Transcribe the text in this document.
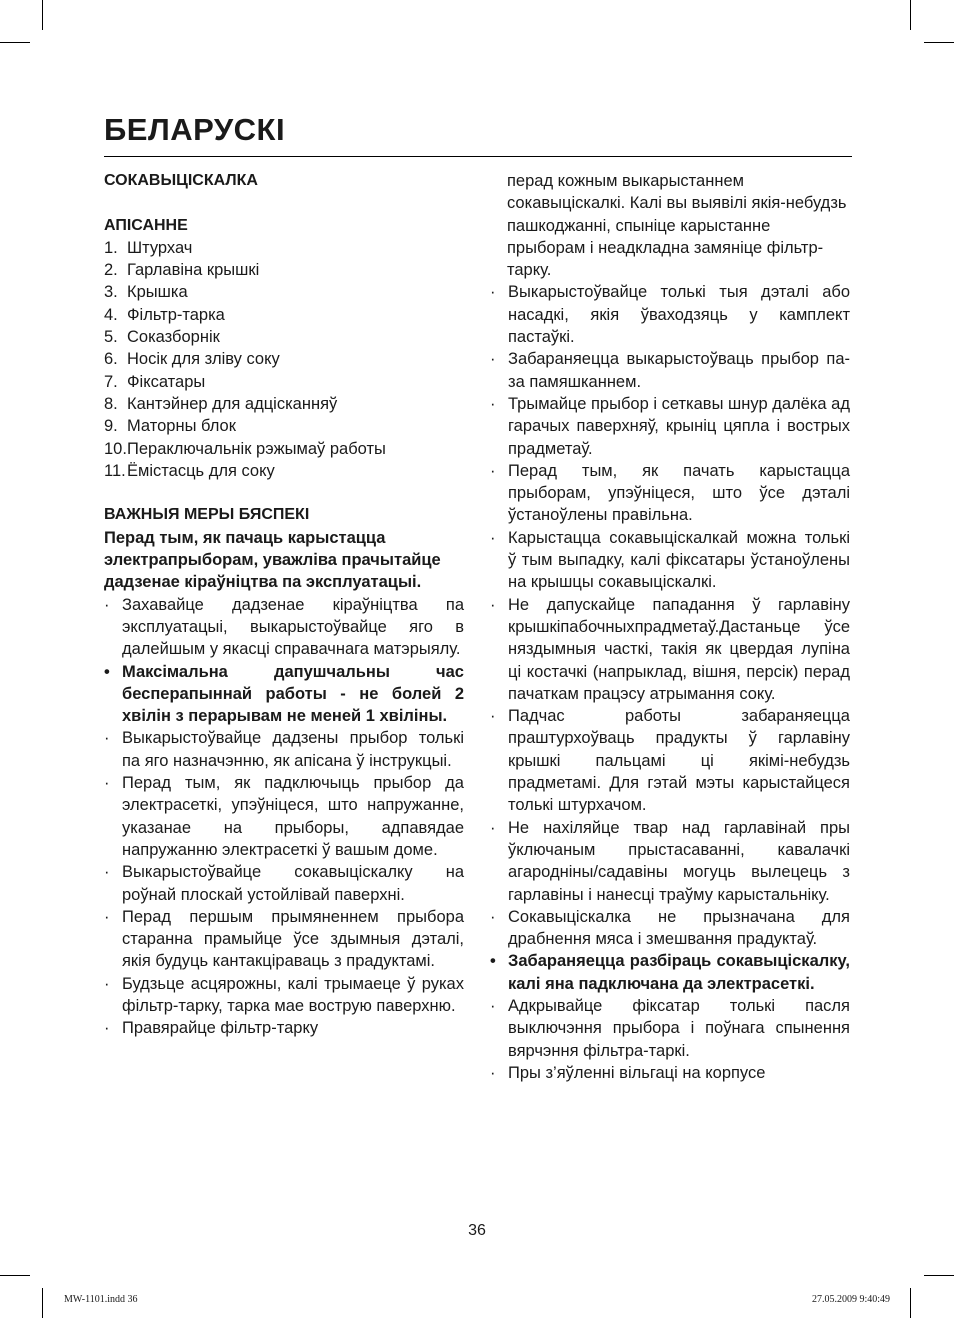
БЕЛАРУСКІ
СОКАВЫЦІСКАЛКА
АПІСАННЕ
1. Штурхач
2. Гарлавіна крышкі
3. Крышка
4. Фільтр-тарка
5. Соказборнік
6. Носік для зліву соку
7. Фіксатары
8. Кантэйнер для адцісканняў
9. Маторны блок
10. Пераключальнік рэжымаў работы
11. Ёмістасць для соку
ВАЖНЫЯ МЕРЫ БЯСПЕКІ
Перад тым, як пачаць карыстацца электрапрыборам, уважліва прачытайце дадзенае кіраўніцтва па эксплуатацыі.
· Захавайце дадзенае кіраўніцтва па эксплуатацыі, выкарыстоўвайце яго в далейшым у якасці справачнага матэрыялу.
• Максімальна дапушчальны час бесперапыннай работы - не болей 2 хвілін з перарывам не меней 1 хвіліны.
· Выкарыстоўвайце дадзены прыбор толькі па яго назначэнню, як апісана ў інструкцыі.
· Перад тым, як падключыць прыбор да электрасеткі, упэўніцеся, што напружанне, указанае на прыборы, адпавядае напружанню электрасеткі ў вашым доме.
· Выкарыстоўвайце сокавыціскалку на роўнай плоскай устойлівай паверхні.
· Перад першым прымяненнем прыбора старанна прамыйце ўсе здымныя дэталі, якія будуць кантакціраваць з прадуктамі.
· Будзьце асцярожны, калі трымаеце ў руках фільтр-тарку, тарка мае вострую паверхню.
· Правярайце фільтр-тарку
перад кожным выкарыстаннем сокавыціскалкі. Калі вы выявілі якія-небудзь пашкоджанні, спыніце карыстанне прыборам і неадкладна замяніце фільтр-тарку.
· Выкарыстоўвайце толькі тыя дэталі або насадкі, якія ўваходзяць у камплект пастаўкі.
· Забараняецца выкарыстоўваць прыбор па-за памяшканнем.
· Трымайце прыбор і сеткавы шнур далёка ад гарачых паверхняў, крыніц цяпла і вострых прадметаў.
· Перад тым, як пачать карыстацца прыборам, упэўніцеся, што ўсе дэталі ўстаноўлены правільна.
· Карыстацца сокавыціскалкай можна толькі ў тым выпадку, калі фіксатары ўстаноўлены на крышцы сокавыціскалкі.
· Не дапускайце пападання ў гарлавіну крышкіпабочныхпрадметаў.Дастаньце ўсе няздымныя часткі, такія як цвердая лупіна ці костачкі (напрыклад, вішня, персік) перад пачаткам працэсу атрымання соку.
· Падчас работы забараняецца праштурхоўваць прадукты ў гарлавіну крышкі пальцамі ці якімі-небудзь прадметамі. Для гэтай мэты карыстайцеся толькі штурхачом.
· Не нахіляйце твар над гарлавінай пры ўключаным прыстасаванні, кавалачкі агародніны/садавіны могуць вылецець з гарлавіны і нанесці траўму карыстальніку.
· Сокавыціскалка не прызначана для драбнення мяса і змешвання прадуктаў.
• Забараняецца разбіраць сокавыціскалку, калі яна падключана да электрасеткі.
· Адкрывайце фіксатар толькі пасля выключэння прыбора і поўнага спынення вярчэння фільтра-таркі.
· Пры з’яўленні вільгаці на корпусе
36
MW-1101.indd 36	27.05.2009 9:40:49
